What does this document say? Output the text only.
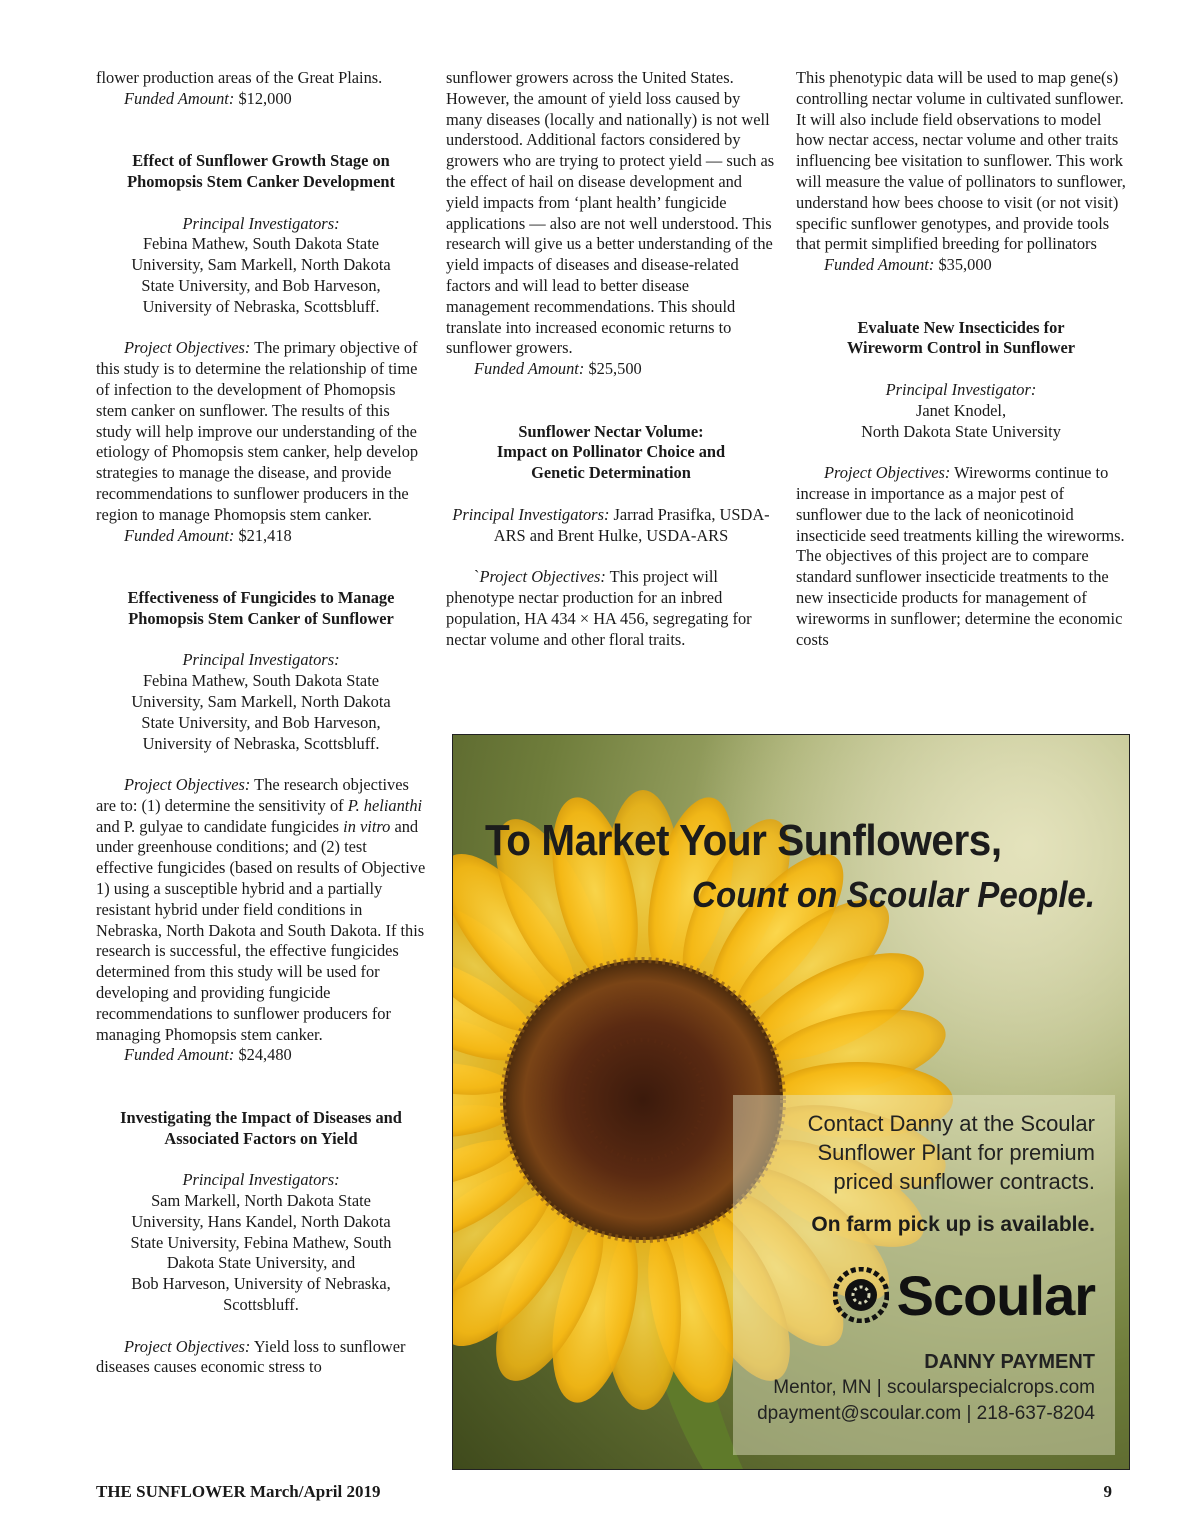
flower production areas of the Great Plains.

Funded Amount: $12,000

Effect of Sunflower Growth Stage on
Phomopsis Stem Canker Development

Principal Investigators:

Febina Mathew, South Dakota State
University, Sam Markell, North Dakota
State University, and Bob Harveson,
University of Nebraska, Scottsbluff.

Project Objectives: The primary objective of this study is to determine the relationship of time of infection to the development of Phomopsis stem canker on sunflower. The results of this study will help improve our understanding of the etiology of Phomopsis stem canker, help develop strategies to manage the disease, and provide recommendations to sunflower producers in the region to manage Phomopsis stem canker.

Funded Amount: $21,418

Effectiveness of Fungicides to Manage
Phomopsis Stem Canker of Sunflower

Principal Investigators:

Febina Mathew, South Dakota State
University, Sam Markell, North Dakota
State University, and Bob Harveson,
University of Nebraska, Scottsbluff.

Project Objectives: The research objectives are to: (1) determine the sensitivity of P. helianthi and P. gulyae to candidate fungicides in vitro and under greenhouse conditions; and (2) test effective fungicides (based on results of Objective 1) using a susceptible hybrid and a partially resistant hybrid under field conditions in Nebraska, North Dakota and South Dakota. If this research is successful, the effective fungicides determined from this study will be used for developing and providing fungicide recommendations to sunflower producers for managing Phomopsis stem canker.

Funded Amount: $24,480

Investigating the Impact of Diseases and
Associated Factors on Yield

Principal Investigators:

Sam Markell, North Dakota State
University, Hans Kandel, North Dakota
State University, Febina Mathew, South
Dakota State University, and
Bob Harveson, University of Nebraska,
Scottsbluff.

Project Objectives: Yield loss to sunflower diseases causes economic stress to

sunflower growers across the United States. However, the amount of yield loss caused by many diseases (locally and nationally) is not well understood. Additional factors considered by growers who are trying to protect yield — such as the effect of hail on disease development and yield impacts from ‘plant health’ fungicide applications — also are not well understood. This research will give us a better understanding of the yield impacts of diseases and disease-related factors and will lead to better disease management recommendations. This should translate into increased economic returns to sunflower growers.

Funded Amount: $25,500

Sunflower Nectar Volume:
Impact on Pollinator Choice and
Genetic Determination

Principal Investigators: Jarrad Prasifka, USDA-ARS and Brent Hulke, USDA-ARS

`Project Objectives: This project will phenotype nectar production for an inbred population, HA 434 × HA 456, segregating for nectar volume and other floral traits.

This phenotypic data will be used to map gene(s) controlling nectar volume in cultivated sunflower. It will also include field observations to model how nectar access, nectar volume and other traits influencing bee visitation to sunflower. This work will measure the value of pollinators to sunflower, understand how bees choose to visit (or not visit) specific sunflower genotypes, and provide tools that permit simplified breeding for pollinators

Funded Amount: $35,000

Evaluate New Insecticides for
Wireworm Control in Sunflower

Principal Investigator:

Janet Knodel,
North Dakota State University

Project Objectives: Wireworms continue to increase in importance as a major pest of sunflower due to the lack of neonicotinoid insecticide seed treatments killing the wireworms. The objectives of this project are to compare standard sunflower insecticide treatments to the new insecticide products for management of wireworms in sunflower; determine the economic costs

To Market Your Sunflowers,
Count on Scoular People.
Contact Danny at the Scoular
Sunflower Plant for premium
priced sunflower contracts.
On farm pick up is available.
Scoular
DANNY PAYMENT
Mentor, MN | scoularspecialcrops.com
dpayment@scoular.com | 218-637-8204
THE SUNFLOWER March/April 2019	9
